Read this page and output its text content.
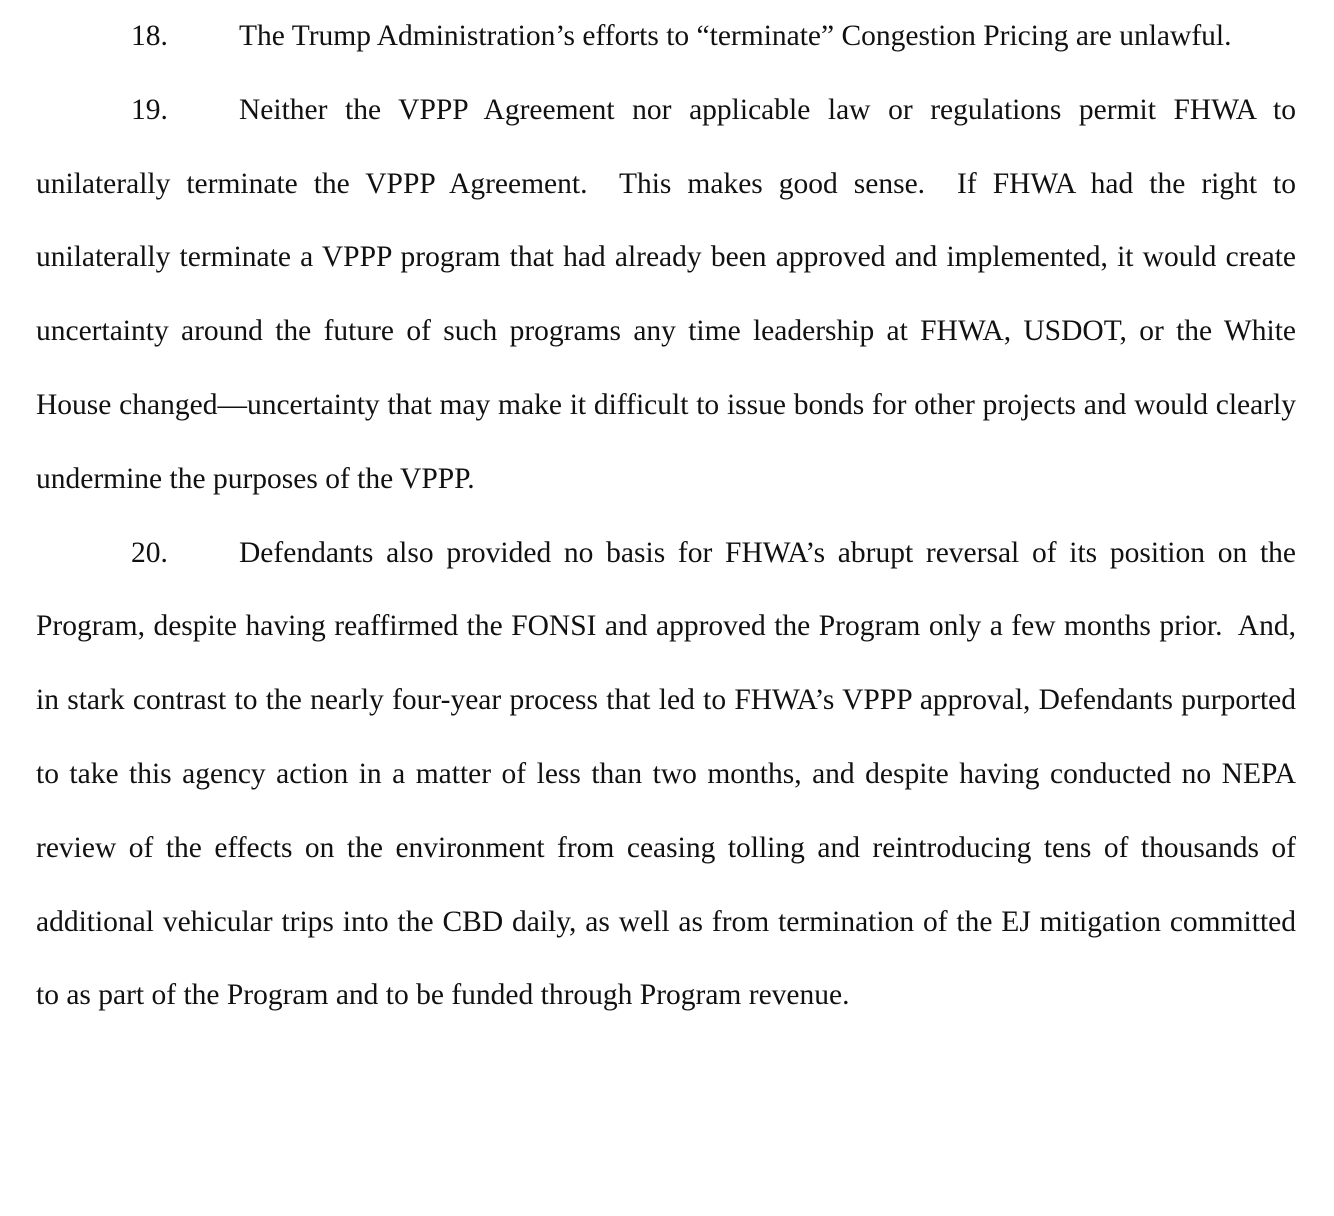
18. The Trump Administration’s efforts to “terminate” Congestion Pricing are unlawful.

19. Neither the VPPP Agreement nor applicable law or regulations permit FHWA to unilaterally terminate the VPPP Agreement.  This makes good sense.  If FHWA had the right to unilaterally terminate a VPPP program that had already been approved and implemented, it would create uncertainty around the future of such programs any time leadership at FHWA, USDOT, or the White House changed—uncertainty that may make it difficult to issue bonds for other projects and would clearly undermine the purposes of the VPPP.

20. Defendants also provided no basis for FHWA’s abrupt reversal of its position on the Program, despite having reaffirmed the FONSI and approved the Program only a few months prior.  And, in stark contrast to the nearly four-year process that led to FHWA’s VPPP approval, Defendants purported to take this agency action in a matter of less than two months, and despite having conducted no NEPA review of the effects on the environment from ceasing tolling and reintroducing tens of thousands of additional vehicular trips into the CBD daily, as well as from termination of the EJ mitigation committed to as part of the Program and to be funded through Program revenue.
